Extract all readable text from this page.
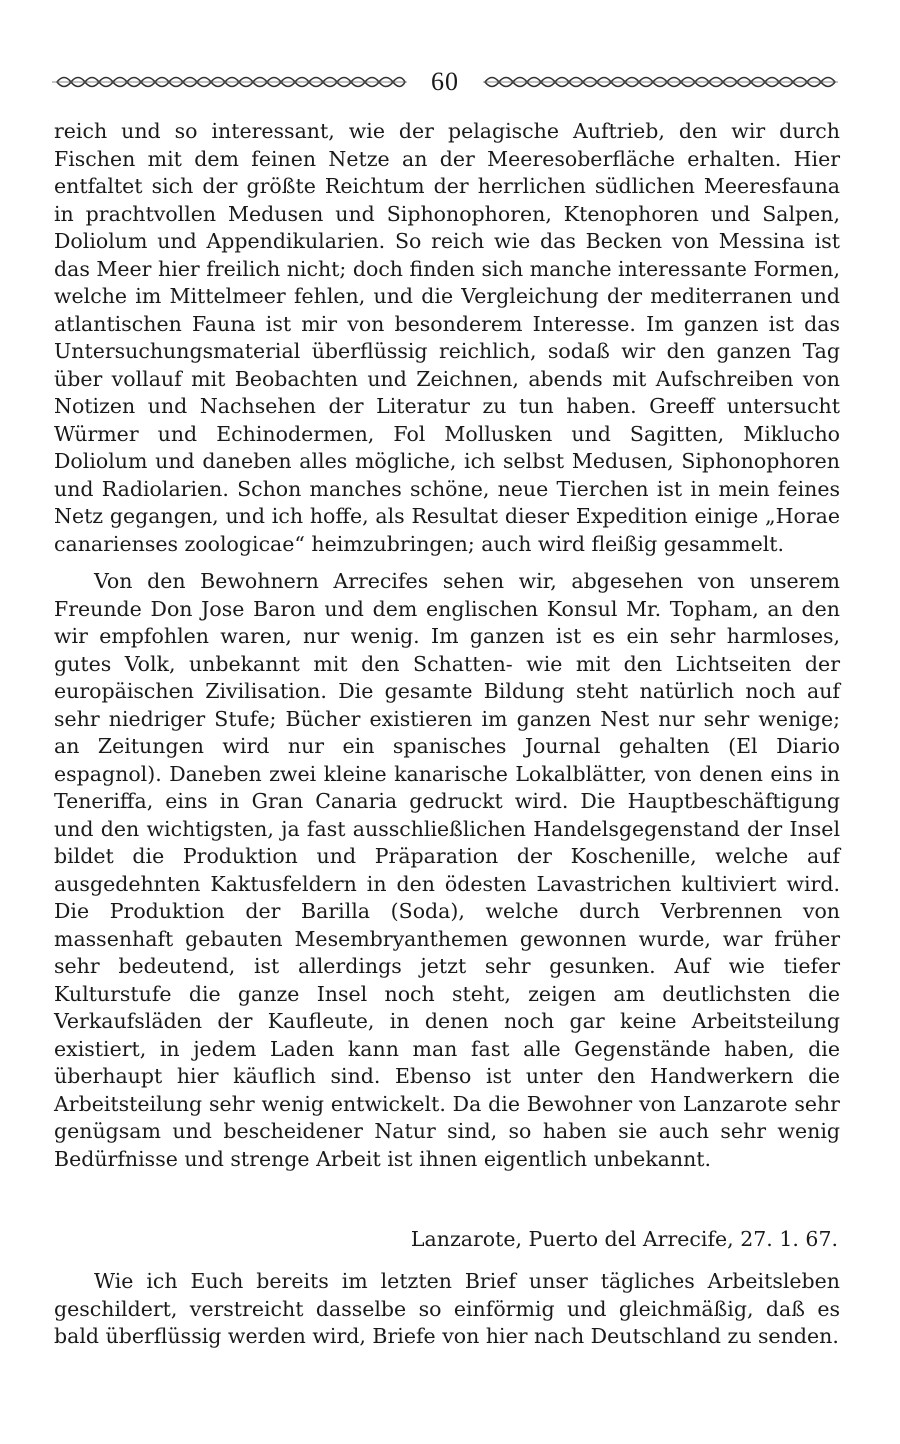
60

reich und so interessant, wie der pelagische Auftrieb, den wir durch Fischen mit dem feinen Netze an der Meeresoberfläche erhalten. Hier entfaltet sich der größte Reichtum der herrlichen südlichen Meeresfauna in prachtvollen Medusen und Siphonophoren, Ktenophoren und Salpen, Doliolum und Appendikularien. So reich wie das Becken von Messina ist das Meer hier freilich nicht; doch finden sich manche interessante Formen, welche im Mittelmeer fehlen, und die Vergleichung der mediterranen und atlantischen Fauna ist mir von besonderem Interesse. Im ganzen ist das Untersuchungsmaterial überflüssig reichlich, sodaß wir den ganzen Tag über vollauf mit Beobachten und Zeichnen, abends mit Aufschreiben von Notizen und Nachsehen der Literatur zu tun haben. Greeff untersucht Würmer und Echinodermen, Fol Mollusken und Sagitten, Miklucho Doliolum und daneben alles mögliche, ich selbst Medusen, Siphonophoren und Radiolarien. Schon manches schöne, neue Tierchen ist in mein feines Netz gegangen, und ich hoffe, als Resultat dieser Expedition einige „Horae canarienses zoologicae“ heimzubringen; auch wird fleißig gesammelt.

Von den Bewohnern Arrecifes sehen wir, abgesehen von unserem Freunde Don Jose Baron und dem englischen Konsul Mr. Topham, an den wir empfohlen waren, nur wenig. Im ganzen ist es ein sehr harmloses, gutes Volk, unbekannt mit den Schatten- wie mit den Lichtseiten der europäischen Zivilisation. Die gesamte Bildung steht natürlich noch auf sehr niedriger Stufe; Bücher existieren im ganzen Nest nur sehr wenige; an Zeitungen wird nur ein spanisches Journal gehalten (El Diario espagnol). Daneben zwei kleine kanarische Lokalblätter, von denen eins in Teneriffa, eins in Gran Canaria gedruckt wird. Die Hauptbeschäftigung und den wichtigsten, ja fast ausschließlichen Handelsgegenstand der Insel bildet die Produktion und Präparation der Koschenille, welche auf ausgedehnten Kaktusfeldern in den ödesten Lavastrichen kultiviert wird. Die Produktion der Barilla (Soda), welche durch Verbrennen von massenhaft gebauten Mesembryanthemen gewonnen wurde, war früher sehr bedeutend, ist allerdings jetzt sehr gesunken. Auf wie tiefer Kulturstufe die ganze Insel noch steht, zeigen am deutlichsten die Verkaufsläden der Kaufleute, in denen noch gar keine Arbeitsteilung existiert, in jedem Laden kann man fast alle Gegenstände haben, die überhaupt hier käuflich sind. Ebenso ist unter den Handwerkern die Arbeitsteilung sehr wenig entwickelt. Da die Bewohner von Lanzarote sehr genügsam und bescheidener Natur sind, so haben sie auch sehr wenig Bedürfnisse und strenge Arbeit ist ihnen eigentlich unbekannt.

Lanzarote, Puerto del Arrecife, 27. 1. 67.

Wie ich Euch bereits im letzten Brief unser tägliches Arbeitsleben geschildert, verstreicht dasselbe so einförmig und gleichmäßig, daß es bald überflüssig werden wird, Briefe von hier nach Deutschland zu senden.
